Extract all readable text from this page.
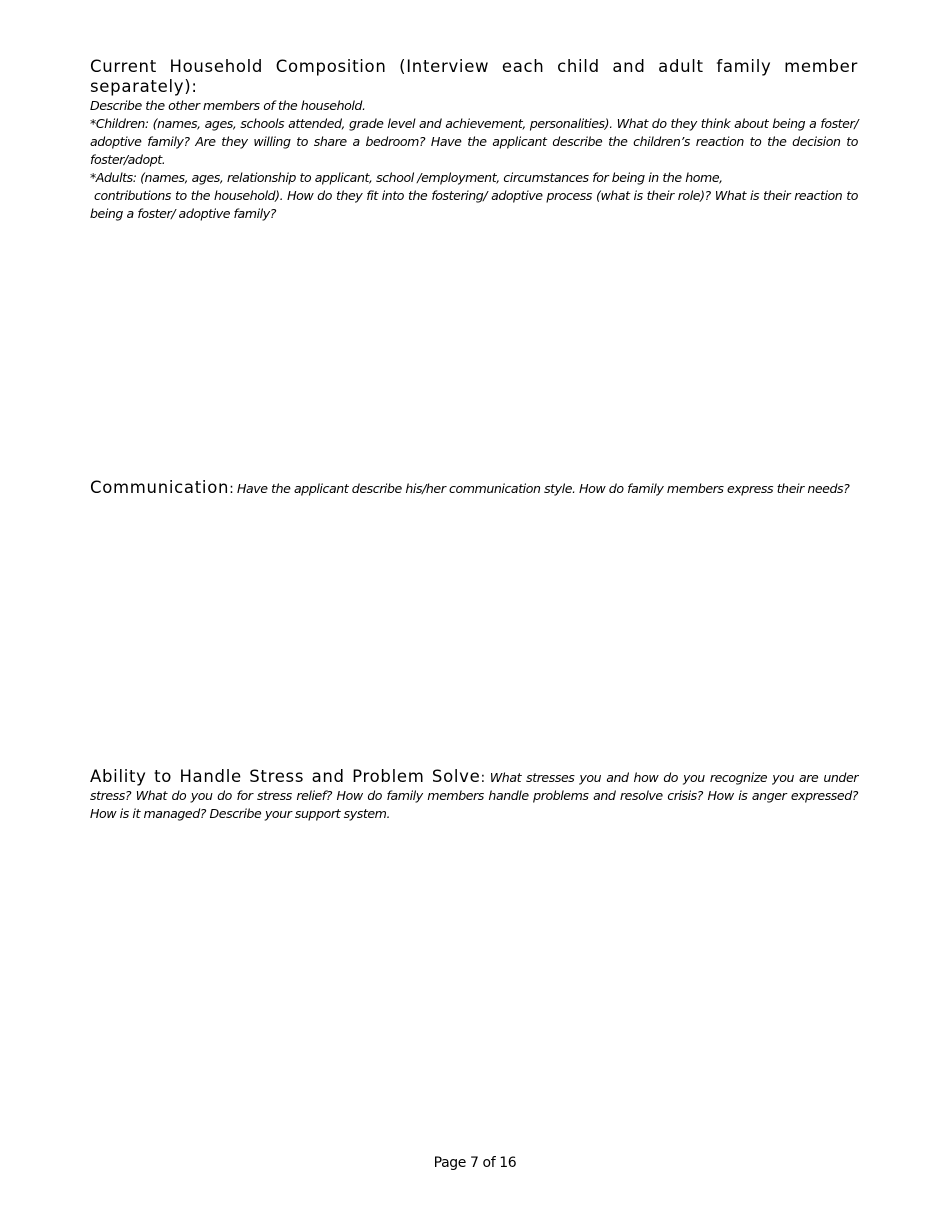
Current Household Composition (Interview each child and adult family member separately):
Describe the other members of the household.
*Children: (names, ages, schools attended, grade level and achievement, personalities). What do they think about being a foster/ adoptive family? Are they willing to share a bedroom? Have the applicant describe the children’s reaction to the decision to foster/adopt.
*Adults: (names, ages, relationship to applicant, school /employment, circumstances for being in the home,
contributions to the household). How do they fit into the fostering/ adoptive process (what is their role)? What is their reaction to being a foster/ adoptive family?
Communication: Have the applicant describe his/her communication style. How do family members express their needs?
Ability to Handle Stress and Problem Solve: What stresses you and how do you recognize you are under stress? What do you do for stress relief? How do family members handle problems and resolve crisis? How is anger expressed? How is it managed? Describe your support system.
Page 7 of 16
